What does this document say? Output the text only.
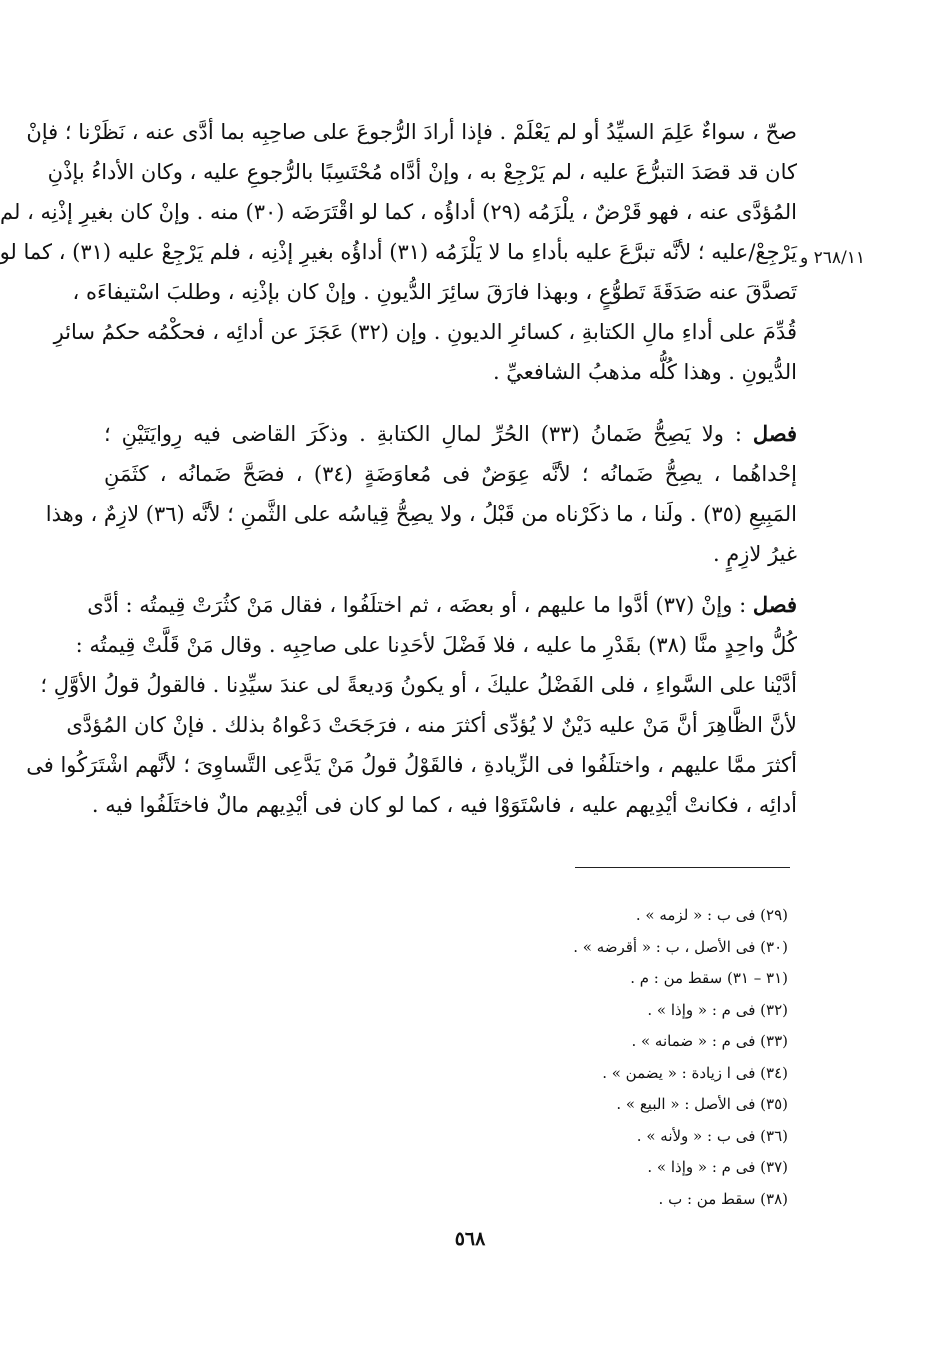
٢٦٨/١١ و
صحّ ، سواءٌ عَلِمَ السيِّدُ أو لم يَعْلَمْ . فإذا أرادَ الرُّجوعَ على صاحِبِه بما أدَّى عنه ، نَظَرْنا ؛ فإنْ
كان قد قصَدَ التبرُّعَ عليه ، لم يَرْجِعْ به ، وإنْ أدَّاه مُحْتَسِبًا بالرُّجوعِ عليه ، وكان الأداءُ بإذْنِ
المُؤدَّى عنه ، فهو قَرْضٌ ، يلْزَمُه (٢٩) أداؤُه ، كما لو اقْتَرَضَه (٣٠) منه . وإنْ كان بغيرِ إذْنِه ، لم
يَرْجِعْ/عليه ؛ لأنَّه تبرَّعَ عليه بأداءِ ما لا يَلْزَمُه (٣١) أداؤُه بغيرِ إذْنِه ، فلم يَرْجِعْ عليه (٣١) ، كما لو
تَصدَّقَ عنه صَدَقَةَ تَطوُّعٍ ، وبهذا فارَقَ سائِرَ الدُّيونِ . وإنْ كان بإذْنِه ، وطلبَ اسْتيفاءَه ،
قُدِّمَ على أداءِ مالِ الكتابةِ ، كسائرِ الديونِ . وإن (٣٢) عَجَزَ عن أدائِه ، فحكْمُه حكمُ سائرِ
الدُّيونِ . وهذا كُلُّه مذهبُ الشافعيِّ .
فصل : ولا يَصِحُّ ضَمانُ (٣٣) الحُرِّ لمالِ الكتابةِ . وذكَرَ القاضى فيه رِوايَتَيْنِ ؛
إحْداهُما ، يصِحُّ ضَمانُه ؛ لأنَّه عِوَضٌ فى مُعاوَضَةٍ (٣٤) ، فصَحَّ ضَمانُه ، كثَمَنِ
المَبِيعِ (٣٥) . ولَنا ، ما ذكَرْناه من قَبْلُ ، ولا يصِحُّ قِياسُه على الثَّمنِ ؛ لأنَّه (٣٦) لازِمٌ ، وهذا
غيرُ لازِمٍ .
فصل : وإنْ (٣٧) أدَّوا ما عليهم ، أو بعضَه ، ثم اختلَفُوا ، فقال مَنْ كثُرَتْ قِيمتُه : أدَّى
كُلُّ واحِدٍ منَّا (٣٨) بقَدْرِ ما عليه ، فلا فَضْلَ لأحَدِنا على صاحِبِه . وقال مَنْ قَلَّتْ قِيمتُه :
أدَّيْنا على السَّواءِ ، فلى الفَضْلُ عليكَ ، أو يكونُ وَديعةً لى عندَ سيِّدِنا . فالقولُ قولُ الأوَّلِ ؛
لأنَّ الظَّاهِرَ أنَّ مَنْ عليه دَيْنٌ لا يُؤدِّى أكثرَ منه ، فرَجَحَتْ دَعْواهُ بذلك . فإنْ كان المُؤدَّى
أكثرَ ممَّا عليهم ، واختلَفُوا فى الزِّيادةِ ، فالقَوْلُ قولُ مَنْ يَدَّعِى التَّساوِىَ ؛ لأنَّهم اشْتَرَكُوا فى
أدائِه ، فكانتْ أيْدِيهم عليه ، فاسْتَوَوْا فيه ، كما لو كان فى أيْدِيهم مالٌ فاختَلَفُوا فيه .
(٢٩) فى ب : « لزمه » .
(٣٠) فى الأصل ، ب : « أقرضه » .
(٣١ – ٣١) سقط من : م .
(٣٢) فى م : « وإذا » .
(٣٣) فى م : « ضمانه » .
(٣٤) فى ا زيادة : « يضمن » .
(٣٥) فى الأصل : « البيع » .
(٣٦) فى ب : « ولأنه » .
(٣٧) فى م : « وإذا » .
(٣٨) سقط من : ب .
٥٦٨
